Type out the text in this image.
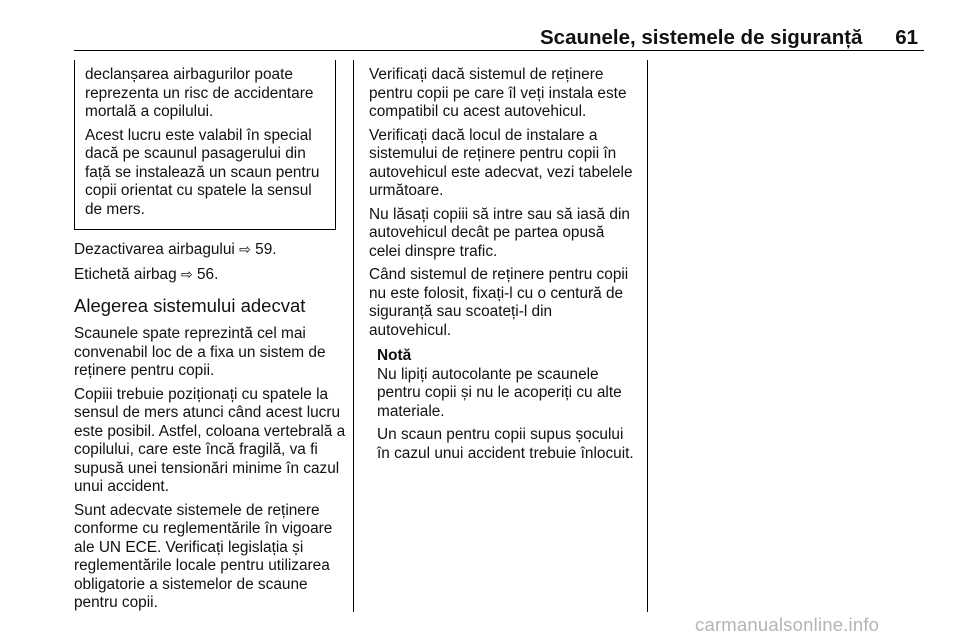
Scaunele, sistemele de siguranță	61

declanșarea airbagurilor poate reprezenta un risc de accidentare mortală a copilului.

Acest lucru este valabil în special dacă pe scaunul pasagerului din față se instalează un scaun pentru copii orientat cu spatele la sensul de mers.

Dezactivarea airbagului ⇨ 59.

Etichetă airbag ⇨ 56.

Alegerea sistemului adecvat

Scaunele spate reprezintă cel mai convenabil loc de a fixa un sistem de reținere pentru copii.

Copiii trebuie poziționați cu spatele la sensul de mers atunci când acest lucru este posibil. Astfel, coloana vertebrală a copilului, care este încă fragilă, va fi supusă unei tensionări minime în cazul unui accident.

Sunt adecvate sistemele de reținere conforme cu reglementările în vigoare ale UN ECE. Verificați legislația și reglementările locale pentru utilizarea obligatorie a sistemelor de scaune pentru copii.

Verificați dacă sistemul de reținere pentru copii pe care îl veți instala este compatibil cu acest autovehicul.

Verificați dacă locul de instalare a sistemului de reținere pentru copii în autovehicul este adecvat, vezi tabelele următoare.

Nu lăsați copiii să intre sau să iasă din autovehicul decât pe partea opusă celei dinspre trafic.

Când sistemul de reținere pentru copii nu este folosit, fixați-l cu o centură de siguranță sau scoateți-l din autovehicul.

Notă

Nu lipiți autocolante pe scaunele pentru copii și nu le acoperiți cu alte materiale.

Un scaun pentru copii supus șocului în cazul unui accident trebuie înlocuit.

carmanualsonline.info
